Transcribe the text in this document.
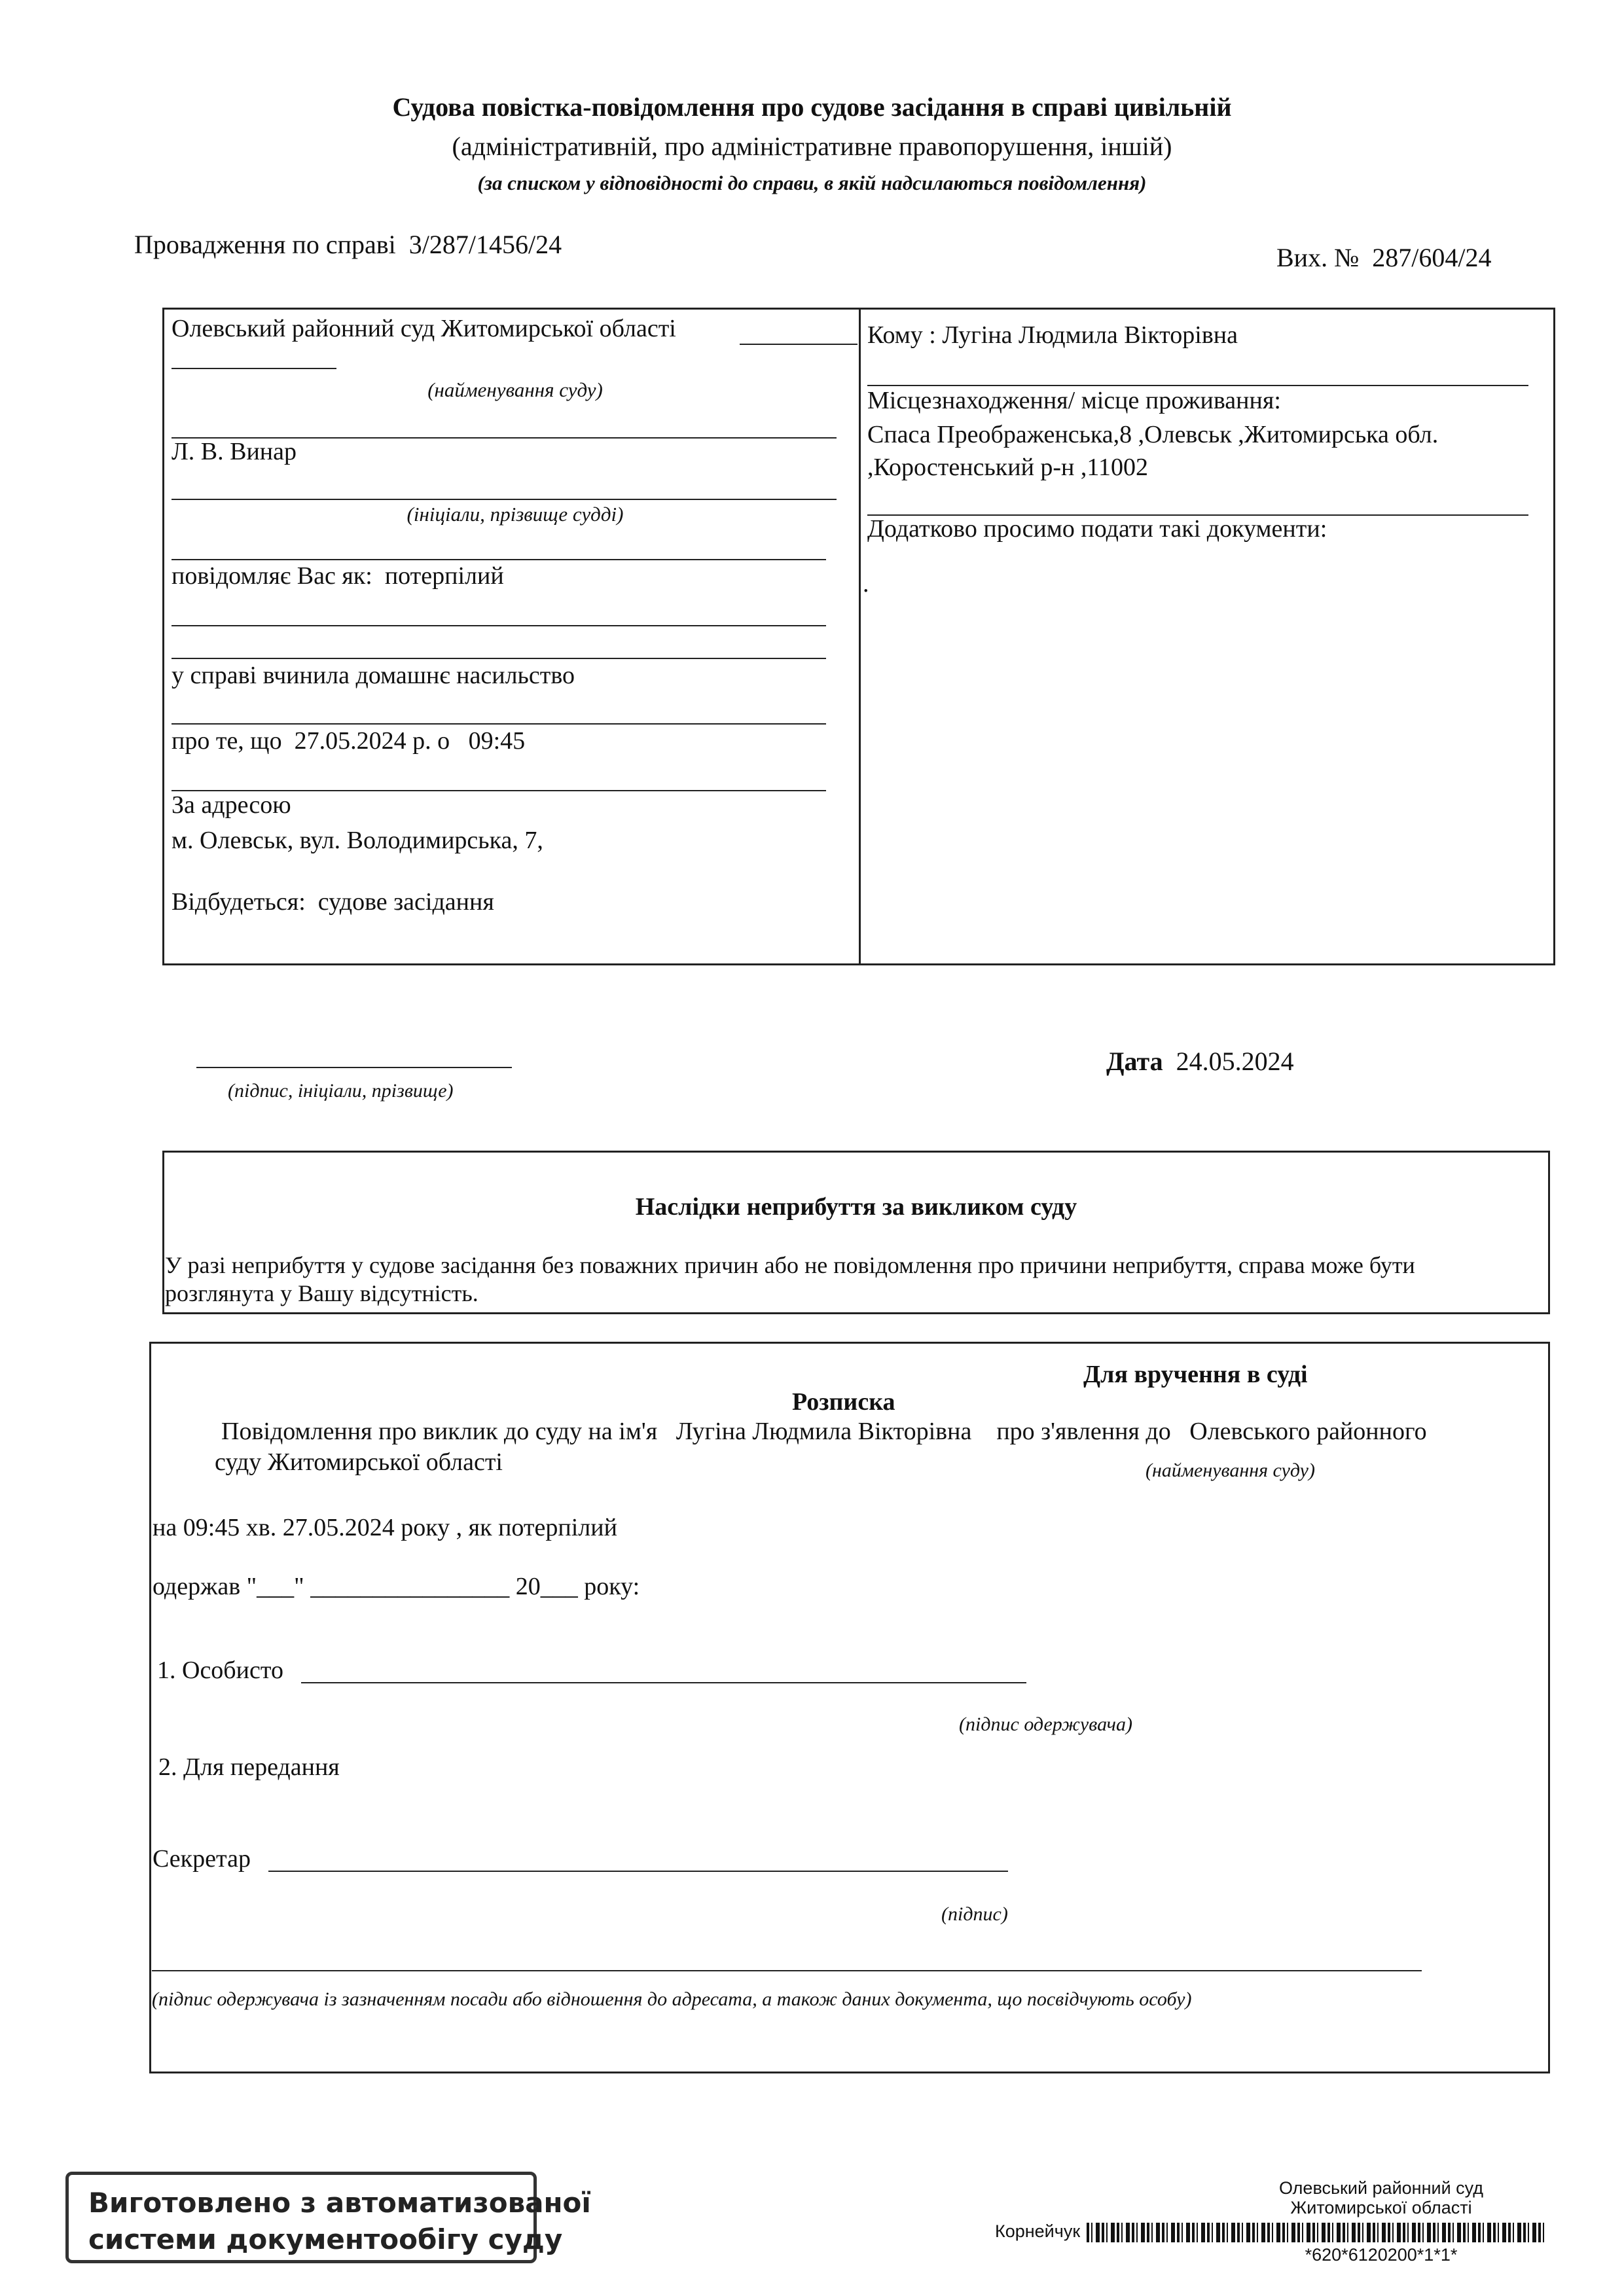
Судова повістка-повідомлення про судове засідання в справі цивільній
(адміністративній, про адміністративне правопорушення, іншій)
(за списком у відповідності до справи, в якій надсилаються повідомлення)
Провадження по справі 3/287/1456/24	Вих. № 287/604/24
Олевський районний суд Житомирської області
(найменування суду)
Л. В. Винар
(ініціали, прізвище судді)
повідомляє Вас як: потерпілий
у справі вчинила домашнє насильство
про те, що 27.05.2024 р. о 09:45
За адресою
м. Олевськ, вул. Володимирська, 7,
Відбудеться: судове засідання
Кому : Лугіна Людмила Вікторівна
Місцезнаходження/ місце проживання:
Спаса Преображенська,8 ,Олевськ ,Житомирська обл.
,Коростенський р-н ,11002
Додатково просимо подати такі документи:
.
(підпис, ініціали, прізвище)
Дата 24.05.2024
Наслідки неприбуття за викликом суду
У разі неприбуття у судове засідання без поважних причин або не повідомлення про причини неприбуття, справа може бути
розглянута у Вашу відсутність.
Для вручення в суді
Розписка
Повідомлення про виклик до суду на ім'я Лугіна Людмила Вікторівна про з'явлення до Олевського районного
суду Житомирської області	(найменування суду)
на 09:45 хв. 27.05.2024 року , як потерпілий
одержав "___" ________________ 20___ року:
1. Особисто
(підпис одержувача)
2. Для передання
Секретар
(підпис)
(підпис одержувача із зазначенням посади або відношення до адресата, а також даних документа, що посвідчують особу)
Виготовлено з автоматизованої
системи документообігу суду
Олевський районний суд
Житомирської області
Корнейчук
*620*6120200*1*1*
